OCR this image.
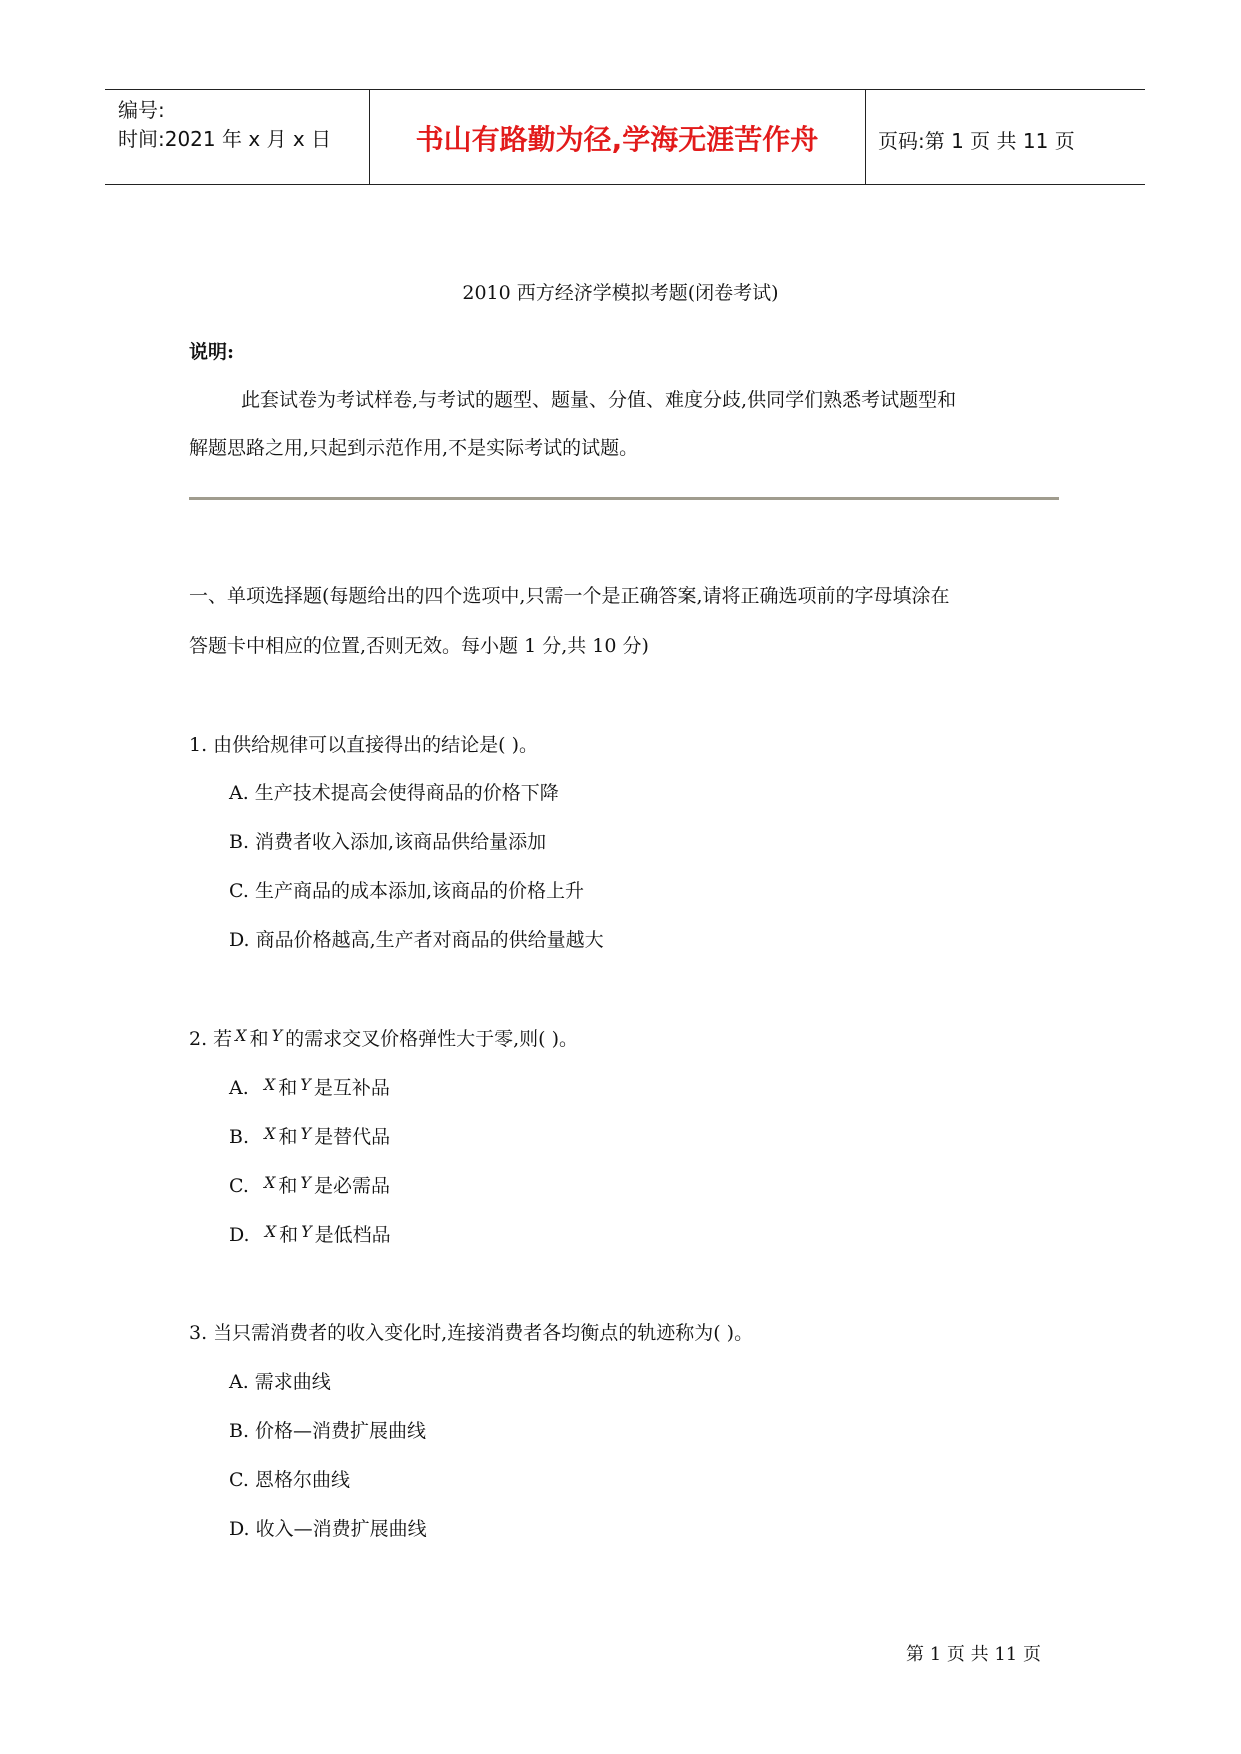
编号:
时间:2021 年 x 月 x 日	书山有路勤为径,学海无涯苦作舟	页码:第 1 页 共 11 页
2010 西方经济学模拟考题(闭卷考试)
说明:
此套试卷为考试样卷,与考试的题型、题量、分值、难度分歧,供同学们熟悉考试题型和
解题思路之用,只起到示范作用,不是实际考试的试题。
一、单项选择题(每题给出的四个选项中,只需一个是正确答案,请将正确选项前的字母填涂在
答题卡中相应的位置,否则无效。每小题 1 分,共 10 分)
1. 由供给规律可以直接得出的结论是( )。
A. 生产技术提高会使得商品的价格下降
B. 消费者收入添加,该商品供给量添加
C. 生产商品的成本添加,该商品的价格上升
D. 商品价格越高,生产者对商品的供给量越大
2. 若 $^X$ 和 $^Y$ 的需求交叉价格弹性大于零,则( )。
A. $^X$ 和 $^Y$ 是互补品
B. $^X$ 和 $^Y$ 是替代品
C. $^X$ 和 $^Y$ 是必需品
D. $^X$ 和 $^Y$ 是低档品
3. 当只需消费者的收入变化时,连接消费者各均衡点的轨迹称为( )。
A. 需求曲线
B. 价格—消费扩展曲线
C. 恩格尔曲线
D. 收入—消费扩展曲线
第 1 页 共 11 页
